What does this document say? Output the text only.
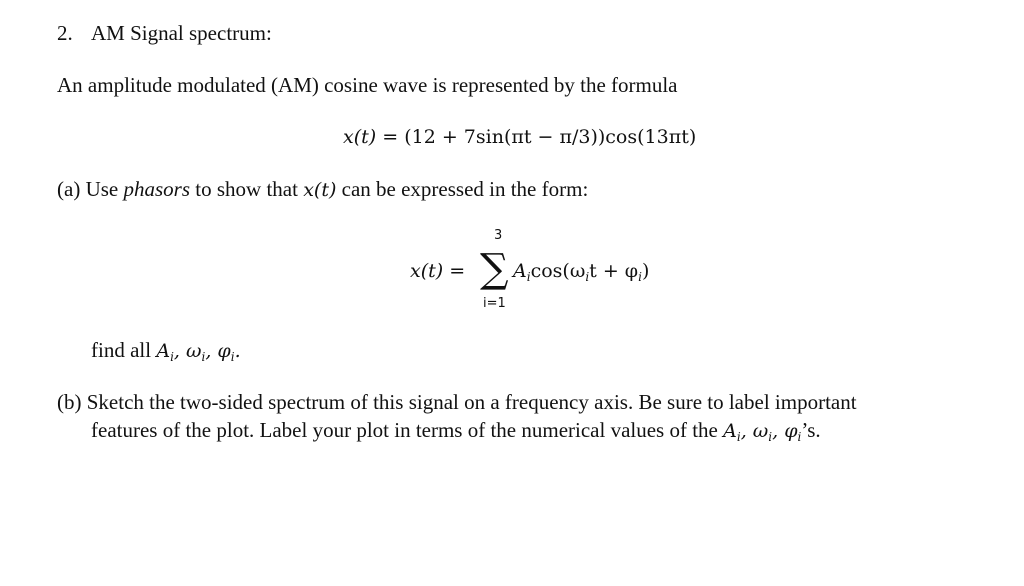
2. AM Signal spectrum:
An amplitude modulated (AM) cosine wave is represented by the formula
x(t) = (12 + 7sin(πt − π/3))cos(13πt)
(a) Use phasors to show that x(t) can be expressed in the form:
x(t) =
3
∑
i=1
$A_i\cos(\omega_it + \varphi_i)$
find all $A_i$, $\omega_i$, $\varphi_i$.
(b) Sketch the two-sided spectrum of this signal on a frequency axis. Be sure to label important
features of the plot. Label your plot in terms of the numerical values of the $A_i$, $\omega_i$, $\varphi_i’s$.
